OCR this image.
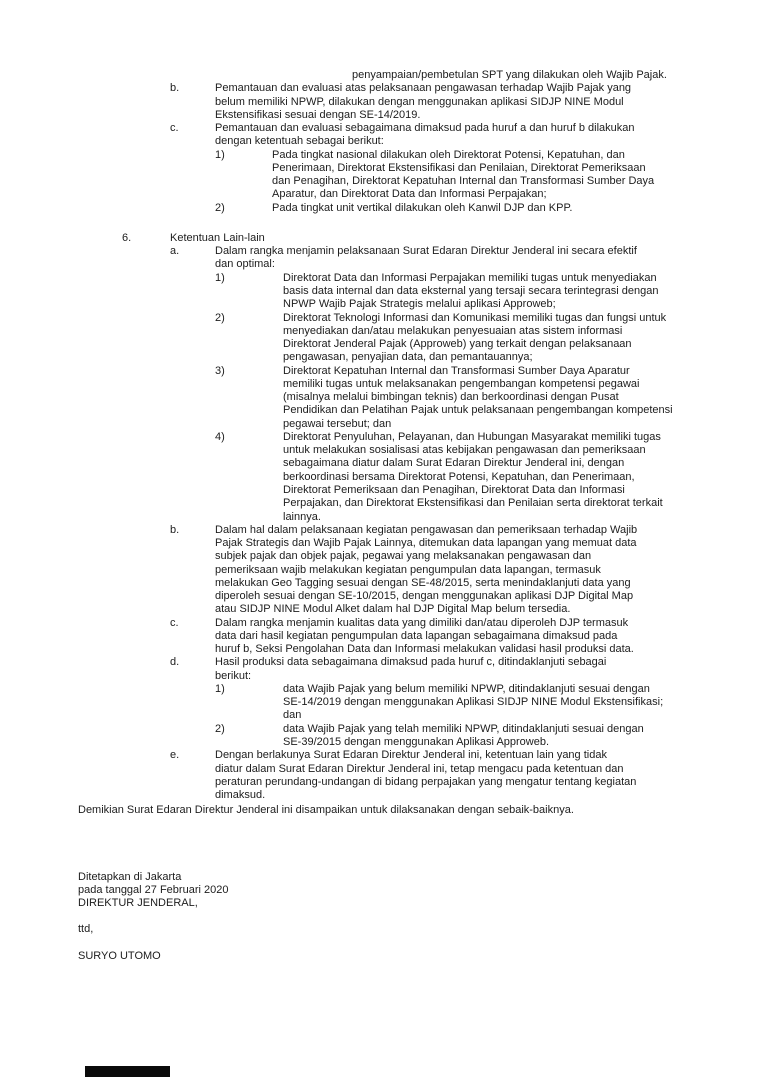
penyampaian/pembetulan SPT yang dilakukan oleh Wajib Pajak.
b.	Pemantauan dan evaluasi atas pelaksanaan pengawasan terhadap Wajib Pajak yang
belum memiliki NPWP, dilakukan dengan menggunakan aplikasi SIDJP NINE Modul
Ekstensifikasi sesuai dengan SE-14/2019.
c.	Pemantauan dan evaluasi sebagaimana dimaksud pada huruf a dan huruf b dilakukan
dengan ketentuah sebagai berikut:
1)	Pada tingkat nasional dilakukan oleh Direktorat Potensi, Kepatuhan, dan
Penerimaan, Direktorat Ekstensifikasi dan Penilaian, Direktorat Pemeriksaan
dan Penagihan, Direktorat Kepatuhan Internal dan Transformasi Sumber Daya
Aparatur, dan Direktorat Data dan Informasi Perpajakan;
2)	Pada tingkat unit vertikal dilakukan oleh Kanwil DJP dan KPP.
6.	Ketentuan Lain-lain
a.	Dalam rangka menjamin pelaksanaan Surat Edaran Direktur Jenderal ini secara efektif
dan optimal:
1)	Direktorat Data dan Informasi Perpajakan memiliki tugas untuk menyediakan
basis data internal dan data eksternal yang tersaji secara terintegrasi dengan
NPWP Wajib Pajak Strategis melalui aplikasi Approweb;
2)	Direktorat Teknologi Informasi dan Komunikasi memiliki tugas dan fungsi untuk
menyediakan dan/atau melakukan penyesuaian atas sistem informasi
Direktorat Jenderal Pajak (Approweb) yang terkait dengan pelaksanaan
pengawasan, penyajian data, dan pemantauannya;
3)	Direktorat Kepatuhan Internal dan Transformasi Sumber Daya Aparatur
memiliki tugas untuk melaksanakan pengembangan kompetensi pegawai
(misalnya melalui bimbingan teknis) dan berkoordinasi dengan Pusat
Pendidikan dan Pelatihan Pajak untuk pelaksanaan pengembangan kompetensi
pegawai tersebut; dan
4)	Direktorat Penyuluhan, Pelayanan, dan Hubungan Masyarakat memiliki tugas
untuk melakukan sosialisasi atas kebijakan pengawasan dan pemeriksaan
sebagaimana diatur dalam Surat Edaran Direktur Jenderal ini, dengan
berkoordinasi bersama Direktorat Potensi, Kepatuhan, dan Penerimaan,
Direktorat Pemeriksaan dan Penagihan, Direktorat Data dan Informasi
Perpajakan, dan Direktorat Ekstensifikasi dan Penilaian serta direktorat terkait
lainnya.
b.	Dalam hal dalam pelaksanaan kegiatan pengawasan dan pemeriksaan terhadap Wajib
Pajak Strategis dan Wajib Pajak Lainnya, ditemukan data lapangan yang memuat data
subjek pajak dan objek pajak, pegawai yang melaksanakan pengawasan dan
pemeriksaan wajib melakukan kegiatan pengumpulan data lapangan, termasuk
melakukan Geo Tagging sesuai dengan SE-48/2015, serta menindaklanjuti data yang
diperoleh sesuai dengan SE-10/2015, dengan menggunakan aplikasi DJP Digital Map
atau SIDJP NINE Modul Alket dalam hal DJP Digital Map belum tersedia.
c.	Dalam rangka menjamin kualitas data yang dimiliki dan/atau diperoleh DJP termasuk
data dari hasil kegiatan pengumpulan data lapangan sebagaimana dimaksud pada
huruf b, Seksi Pengolahan Data dan Informasi melakukan validasi hasil produksi data.
d.	Hasil produksi data sebagaimana dimaksud pada huruf c, ditindaklanjuti sebagai
berikut:
1)	data Wajib Pajak yang belum memiliki NPWP, ditindaklanjuti sesuai dengan
SE-14/2019 dengan menggunakan Aplikasi SIDJP NINE Modul Ekstensifikasi;
dan
2)	data Wajib Pajak yang telah memiliki NPWP, ditindaklanjuti sesuai dengan
SE-39/2015 dengan menggunakan Aplikasi Approweb.
e.	Dengan berlakunya Surat Edaran Direktur Jenderal ini, ketentuan lain yang tidak
diatur dalam Surat Edaran Direktur Jenderal ini, tetap mengacu pada ketentuan dan
peraturan perundang-undangan di bidang perpajakan yang mengatur tentang kegiatan
dimaksud.
Demikian Surat Edaran Direktur Jenderal ini disampaikan untuk dilaksanakan dengan sebaik-baiknya.
Ditetapkan di Jakarta
pada tanggal 27 Februari 2020
DIREKTUR JENDERAL,
ttd,
SURYO UTOMO
